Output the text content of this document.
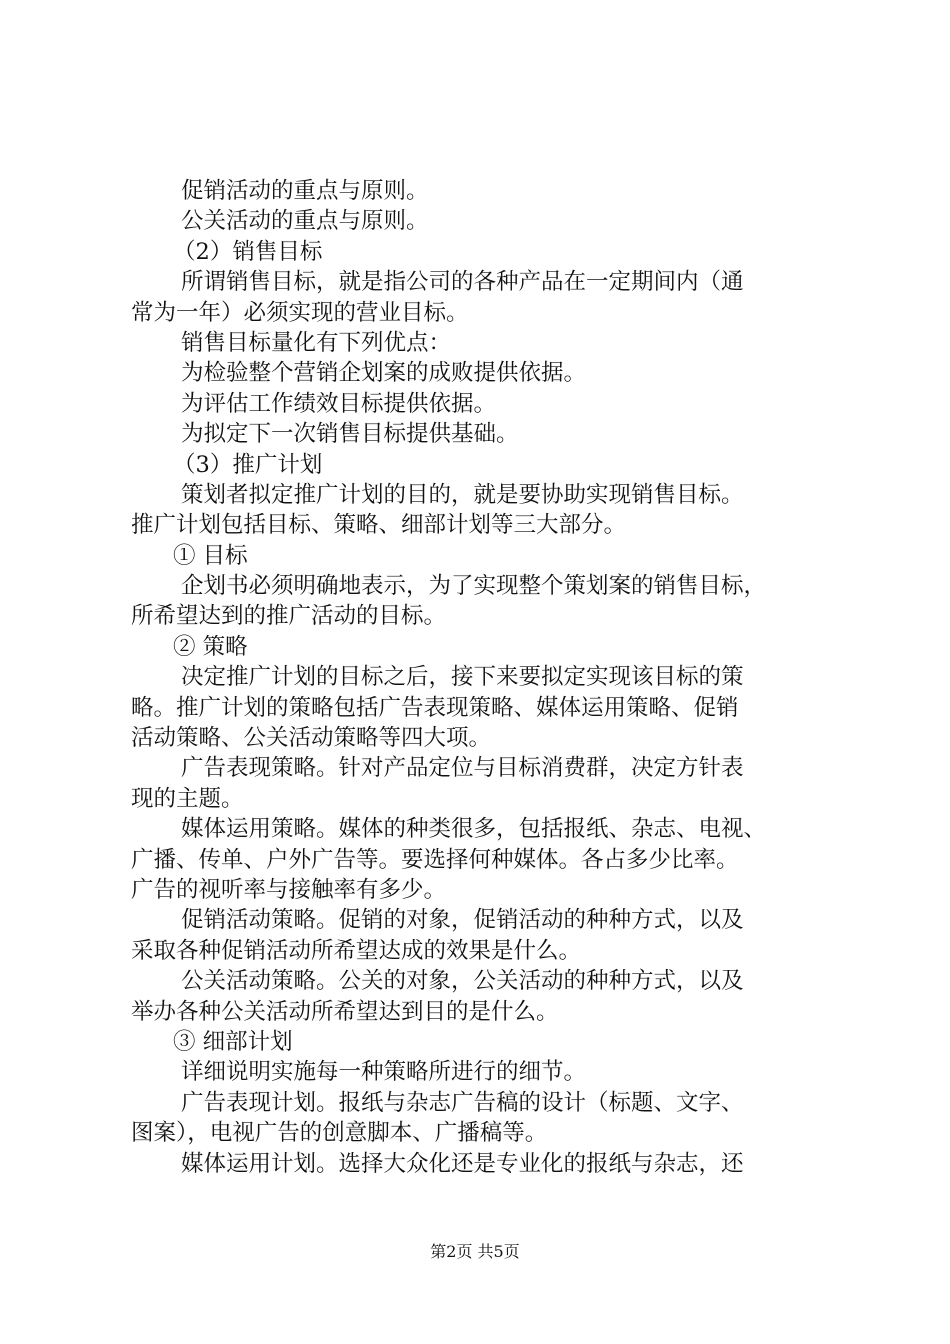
促销活动的重点与原则。
公关活动的重点与原则。
（2）销售目标
所谓销售目标，就是指公司的各种产品在一定期间内（通
常为一年）必须实现的营业目标。
销售目标量化有下列优点：
为检验整个营销企划案的成败提供依据。
为评估工作绩效目标提供依据。
为拟定下一次销售目标提供基础。
（3）推广计划
策划者拟定推广计划的目的，就是要协助实现销售目标。
推广计划包括目标、策略、细部计划等三大部分。
① 目标
企划书必须明确地表示，为了实现整个策划案的销售目标，
所希望达到的推广活动的目标。
② 策略
决定推广计划的目标之后，接下来要拟定实现该目标的策
略。推广计划的策略包括广告表现策略、媒体运用策略、促销
活动策略、公关活动策略等四大项。
广告表现策略。针对产品定位与目标消费群，决定方针表
现的主题。
媒体运用策略。媒体的种类很多，包括报纸、杂志、电视、
广播、传单、户外广告等。要选择何种媒体。各占多少比率。
广告的视听率与接触率有多少。
促销活动策略。促销的对象，促销活动的种种方式，以及
采取各种促销活动所希望达成的效果是什么。
公关活动策略。公关的对象，公关活动的种种方式，以及
举办各种公关活动所希望达到目的是什么。
③ 细部计划
详细说明实施每一种策略所进行的细节。
广告表现计划。报纸与杂志广告稿的设计（标题、文字、
图案），电视广告的创意脚本、广播稿等。
媒体运用计划。选择大众化还是专业化的报纸与杂志，还
第2页 共5页
